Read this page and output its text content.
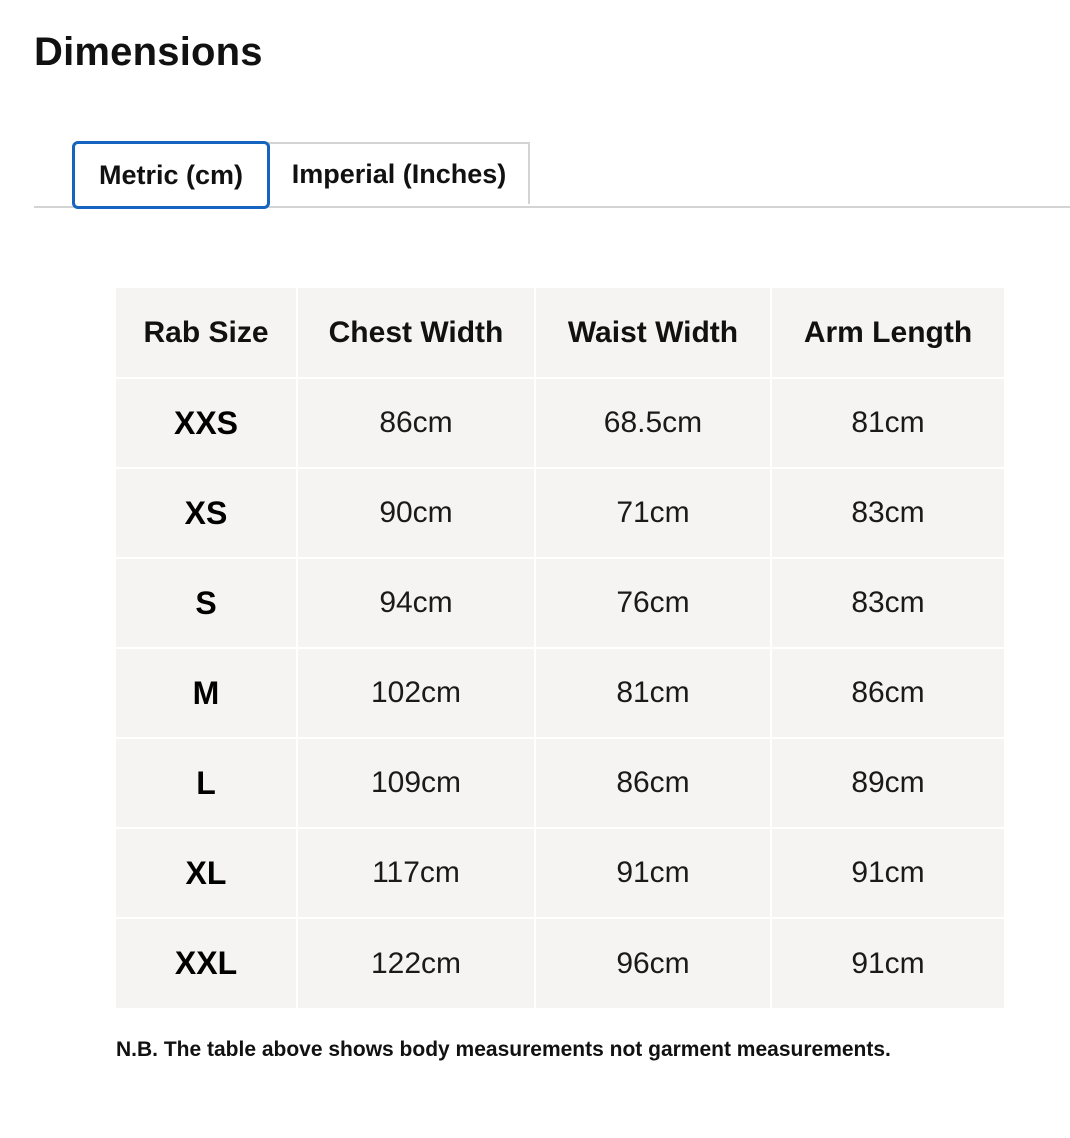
Dimensions
Metric (cm)	Imperial (Inches)
Rab Size	Chest Width	Waist Width	Arm Length
XXS	86cm	68.5cm	81cm
XS	90cm	71cm	83cm
S	94cm	76cm	83cm
M	102cm	81cm	86cm
L	109cm	86cm	89cm
XL	117cm	91cm	91cm
XXL	122cm	96cm	91cm

N.B. The table above shows body measurements not garment measurements.
